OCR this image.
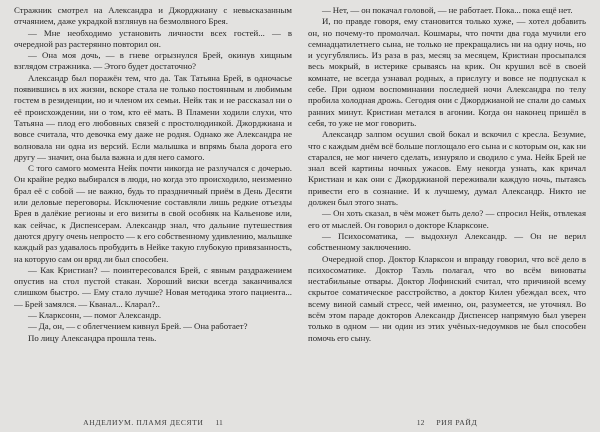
Стражник смотрел на Александра и Джорджиану с невысказанным отчаянием, даже украдкой взглянув на безмолвного Брея.

— Мне необходимо установить личности всех гостей... — в очередной раз растерянно повторил он.

— Она моя дочь, — в гневе огрызнулся Брей, окинув хищным взглядом стражника. — Этого будет достаточно?

Александр был поражён тем, что да. Так Татьяна Брей, в одночасье появившись в их жизни, вскоре стала не только постоянным и любимым гостем в резиденции, но и членом их семьи. Нейк так и не рассказал ни о её происхождении, ни о том, кто её мать. В Пламени ходили слухи, что Татьяна — плод его любовных связей с простолюдинкой. Джорджиана и вовсе считала, что девочка ему даже не родня. Однако же Александра не волновала ни одна из версий. Если малышка и впрямь была дорога его другу — значит, она была важна и для него самого.

С того самого момента Нейк почти никогда не разлучался с дочерью. Он крайне редко выбирался в люди, но когда это происходило, неизменно брал её с собой — не важно, будь то праздничный приём в День Десяти или деловые переговоры. Исключение составляли лишь редкие отъезды Брея в далёкие регионы и его визиты в свой особняк на Кальенове или, как сейчас, к Диспенсерам. Александр знал, что дальние путешествия даются другу очень непросто — к его собственному удивлению, малышке каждый раз удавалось пробудить в Нейке такую глубокую привязанность, на которую сам он вряд ли был способен.

— Как Кристиан? — поинтересовался Брей, с явным раздражением опустив на стол пустой стакан. Хороший виски всегда заканчивался слишком быстро. — Ему стало лучше? Новая методика этого пациента... — Брей замялся. — Кванал... Кларал?..

— Кларксонн, — помог Александр.

— Да, он, — с облегчением кивнул Брей. — Она работает?

По лицу Александра прошла тень.

АНДЕЛИУМ. ПЛАМЯ ДЕСЯТИ 11

— Нет, — он покачал головой, — не работает. Пока... пока ещё нет.

И, по правде говоря, ему становится только хуже, — хотел добавить он, но почему-то промолчал. Кошмары, что почти два года мучили его семнадцатилетнего сына, не только не прекращались ни на одну ночь, но и усугублялись. Из раза в раз, месяц за месяцем, Кристиан просыпался весь мокрый, в истерике срываясь на крик. Он крушил всё в своей комнате, не всегда узнавал родных, а прислугу и вовсе не подпускал к себе. При одном воспоминании последней ночи Александра по телу пробила холодная дрожь. Сегодня они с Джорджианой не спали до самых ранних минут. Кристиан метался в агонии. Когда он наконец пришёл в себя, то уже не мог говорить.

Александр залпом осушил свой бокал и вскочил с кресла. Безумие, что с каждым днём всё больше поглощало его сына и с которым он, как ни старался, не мог ничего сделать, изнуряло и сводило с ума. Нейк Брей не знал всей картины ночных ужасов. Ему некогда узнать, как кричал Кристиан и как они с Джорджианой переживали каждую ночь, пытаясь привести его в сознание. И к лучшему, думал Александр. Никто не должен был этого знать.

— Он хоть сказал, в чём может быть дело? — спросил Нейк, отвлекая его от мыслей. Он говорил о докторе Кларксоне.

— Психосоматика, — выдохнул Александр. — Он не верил собственному заключению.

Очередной спор. Доктор Кларксон и вправду говорил, что всё дело в психосоматике. Доктор Таэль полагал, что во всём виноваты нестабильные отвары. Доктор Лофинский считал, что причиной всему скрытое соматическое расстройство, а доктор Килен убеждал всех, что всему виной самый стресс, чей именно, он, разумеется, не уточнял. Во всём этом параде докторов Александр Диспенсер напрямую был уверен только в одном — ни один из этих учёных-недоумков не был способен помочь его сыну.

12 РИЯ РАЙД
